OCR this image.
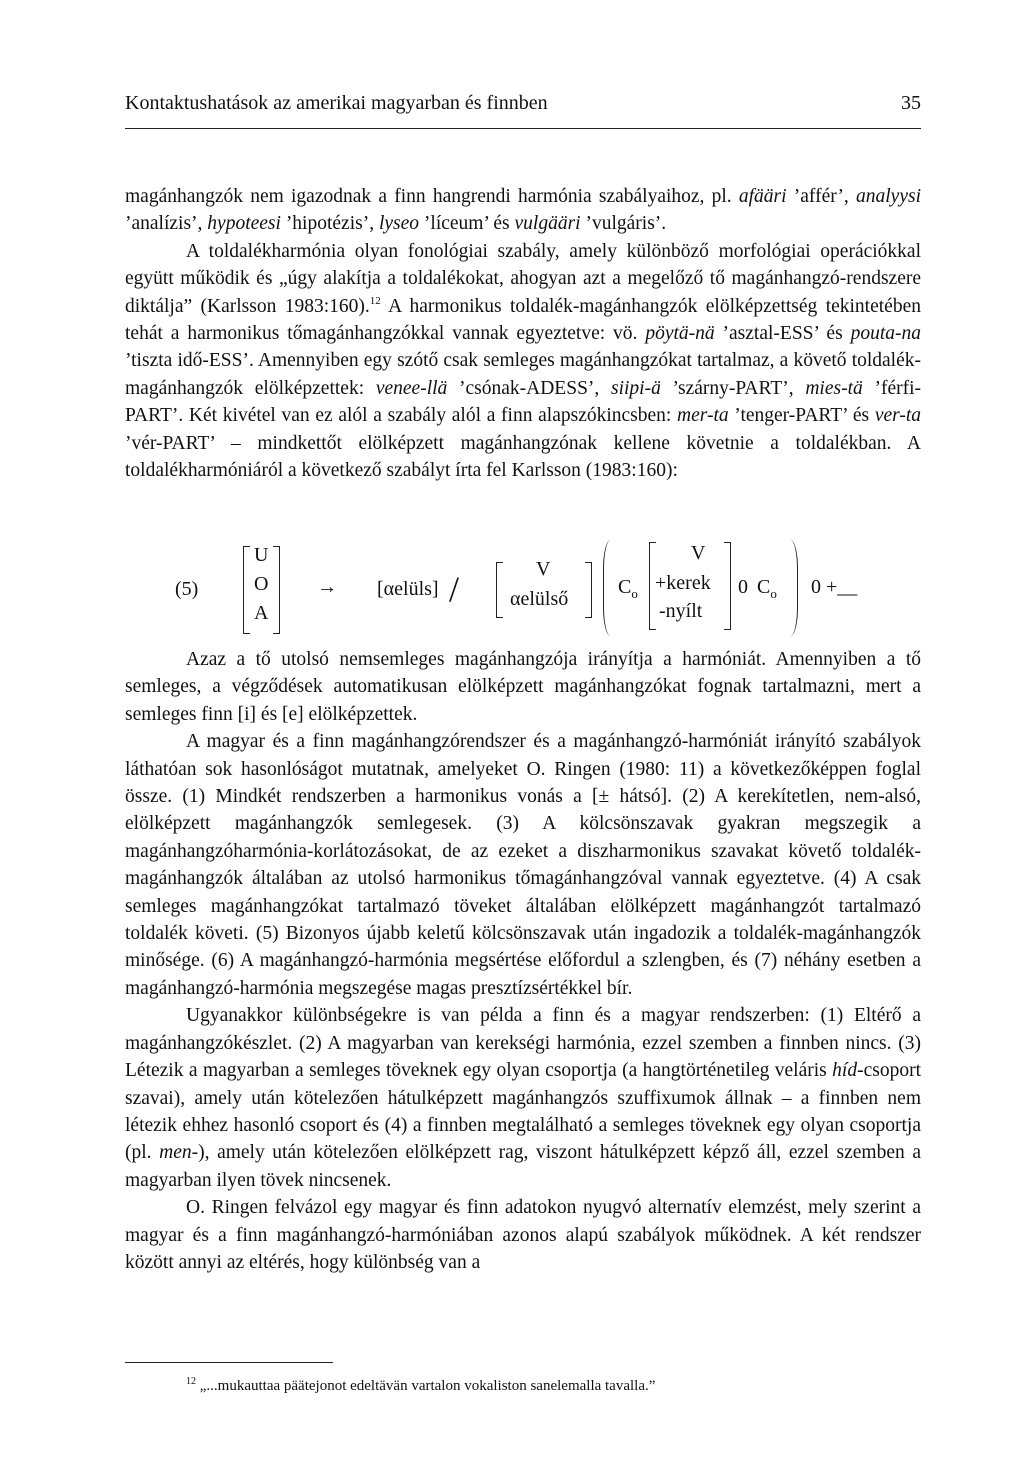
Kontaktushatások az amerikai magyarban és finnben	35

magánhangzók nem igazodnak a finn hangrendi harmónia szabályaihoz, pl. afääri ’affér’, analyysi ’analízis’, hypoteesi ’hipotézis’, lyseo ’líceum’ és vulgääri ’vulgáris’.

A toldalékharmónia olyan fonológiai szabály, amely különböző morfológiai operációkkal együtt működik és „úgy alakítja a toldalékokat, ahogyan azt a megelőző tő magánhangzó-rendszere diktálja” (Karlsson 1983:160).$^{12}$ A harmonikus toldalék-magánhangzók elölképzettség tekintetében tehát a harmonikus tőmagánhangzókkal vannak egyeztetve: vö. pöytä-nä ’asztal-ESS’ és pouta-na ’tiszta idő-ESS’. Amennyiben egy szótő csak semleges magánhangzókat tartalmaz, a követő toldalék-magánhangzók elölképzettek: venee-llä ’csónak-ADESS’, siipi-ä ’szárny-PART’, mies-tä ’férfi-PART’. Két kivétel van ez alól a szabály alól a finn alapszókincsben: mer-ta ’tenger-PART’ és ver-ta ’vér-PART’ – mindkettőt elölképzett magánhangzónak kellene követnie a toldalékban. A toldalékharmóniáról a következő szabályt írta fel Karlsson (1983:160):

(5)
U
O
A
→ [αelüls] /	V
αelülső
$C_o$
V
+kerek
-nyílt
0 $C_o$ 0 +__

Azaz a tő utolsó nemsemleges magánhangzója irányítja a harmóniát. Amennyiben a tő semleges, a végződések automatikusan elölképzett magánhangzókat fognak tartalmazni, mert a semleges finn [i] és [e] elölképzettek.

A magyar és a finn magánhangzórendszer és a magánhangzó-harmóniát irányító szabályok láthatóan sok hasonlóságot mutatnak, amelyeket O. Ringen (1980: 11) a következőképpen foglal össze. (1) Mindkét rendszerben a harmonikus vonás a [± hátsó]. (2) A kerekítetlen, nem-alsó, elölképzett magánhangzók semlegesek. (3) A kölcsönszavak gyakran megszegik a magánhangzóharmónia-korlátozásokat, de az ezeket a diszharmonikus szavakat követő toldalék-magánhangzók általában az utolsó harmonikus tőmagánhangzóval vannak egyeztetve. (4) A csak semleges magánhangzókat tartalmazó töveket általában elölképzett magánhangzót tartalmazó toldalék követi. (5) Bizonyos újabb keletű kölcsönszavak után ingadozik a toldalék-magánhangzók minősége. (6) A magánhangzó-harmónia megsértése előfordul a szlengben, és (7) néhány esetben a magánhangzó-harmónia megszegése magas presztízsértékkel bír.

Ugyanakkor különbségekre is van példa a finn és a magyar rendszerben: (1) Eltérő a magánhangzókészlet. (2) A magyarban van kerekségi harmónia, ezzel szemben a finnben nincs. (3) Létezik a magyarban a semleges töveknek egy olyan csoportja (a hangtörténetileg veláris híd-csoport szavai), amely után kötelezően hátulképzett magánhangzós szuffixumok állnak – a finnben nem létezik ehhez hasonló csoport és (4) a finnben megtalálható a semleges töveknek egy olyan csoportja (pl. men-), amely után kötelezően elölképzett rag, viszont hátulképzett képző áll, ezzel szemben a magyarban ilyen tövek nincsenek.

O. Ringen felvázol egy magyar és finn adatokon nyugvó alternatív elemzést, mely szerint a magyar és a finn magánhangzó-harmóniában azonos alapú szabályok működnek. A két rendszer között annyi az eltérés, hogy különbség van a

$^{12}$ „...mukauttaa päätejonot edeltävän vartalon vokaliston sanelemalla tavalla.”
